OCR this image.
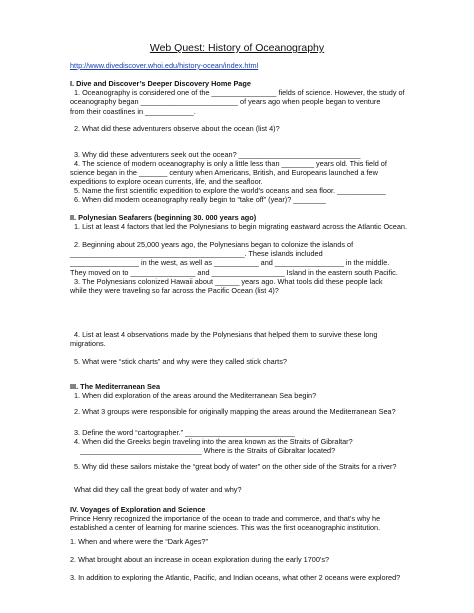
Web Quest: History of Oceanography
http://www.divediscover.whoi.edu/history-ocean/index.html
I. Dive and Discover’s Deeper Discovery Home Page
1. Oceanography is considered one of the ________________ fields of science. However, the study of
oceanography began ________________________ of years ago when people began to venture
from their coastlines in ____________.
2. What did these adventurers observe about the ocean (list 4)?
3. Why did these adventurers seek out the ocean? ______________________________
4. The science of modern oceanography is only a little less than ________ years old. This field of
science began in the _______ century when Americans, British, and Europeans launched a few
expeditions to explore ocean currents, life, and the seafloor.
5. Name the first scientific expedition to explore the world’s oceans and sea floor. ____________
6. When did modern oceanography really begin to “take off” (year)? ________
II. Polynesian Seafarers (beginning 30. 000 years ago)
1. List at least 4 factors that led the Polynesians to begin migrating eastward across the Atlantic Ocean.
2. Beginning about 25,000 years ago, the Polynesians began to colonize the islands of
___________________________________________. These islands included
_________________ in the west, as well as ___________ and _________________ in the middle.
They moved on to ________________ and __________________ Island in the eastern south Pacific.
3. The Polynesians colonized Hawaii about ______ years ago. What tools did these people lack
while they were traveling so far across the Pacific Ocean (list 4)?
4. List at least 4 observations made by the Polynesians that helped them to survive these long
migrations.
5. What were “stick charts” and why were they called stick charts?
III. The Mediterranean Sea
1. When did exploration of the areas around the Mediterranean Sea begin?
2. What 3 groups were responsible for originally mapping the areas around the Mediterranean Sea?
3. Define the word “cartographer.” ___________________________
4. When did the Greeks begin traveling into the area known as the Straits of Gibraltar?
______________________________ Where is the Straits of Gibraltar located?
5. Why did these sailors mistake the “great body of water” on the other side of the Straits for a river?
What did they call the great body of water and why?
IV. Voyages of Exploration and Science
Prince Henry recognized the importance of the ocean to trade and commerce, and that’s why he
established a center of learning for marine sciences. This was the first oceanographic institution.
1. When and where were the “Dark Ages?”
2. What brought about an increase in ocean exploration during the early 1700’s?
3. In addition to exploring the Atlantic, Pacific, and Indian oceans, what other 2 oceans were explored?
